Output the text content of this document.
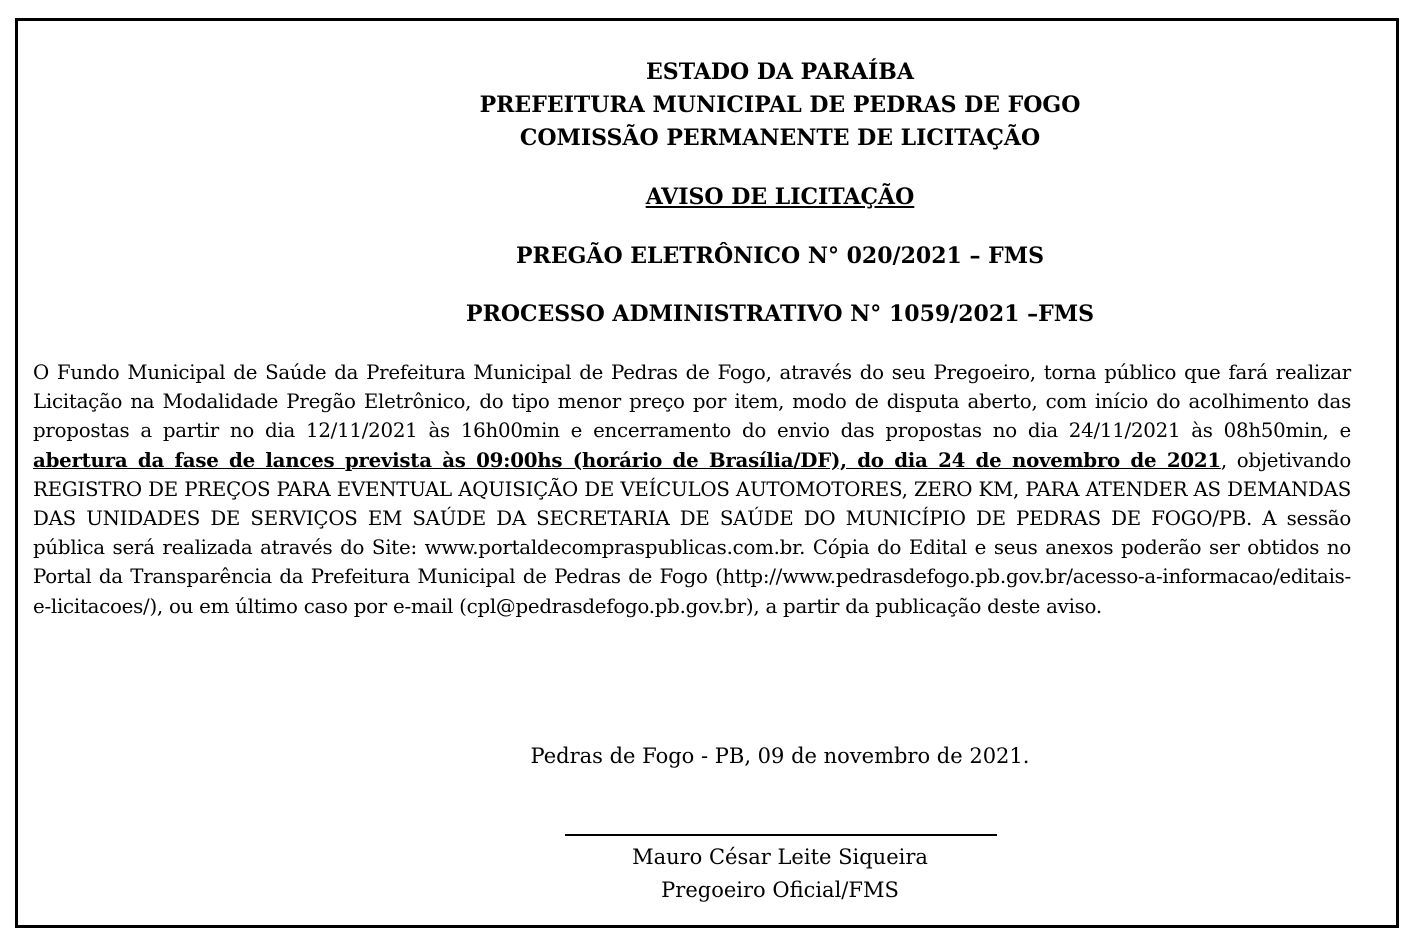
ESTADO DA PARAÍBA
PREFEITURA MUNICIPAL DE PEDRAS DE FOGO
COMISSÃO PERMANENTE DE LICITAÇÃO
AVISO DE LICITAÇÃO
PREGÃO ELETRÔNICO N° 020/2021 – FMS
PROCESSO ADMINISTRATIVO N° 1059/2021 –FMS
O Fundo Municipal de Saúde da Prefeitura Municipal de Pedras de Fogo, através do seu Pregoeiro, torna público que fará realizar Licitação na Modalidade Pregão Eletrônico, do tipo menor preço por item, modo de disputa aberto, com início do acolhimento das propostas a partir no dia 12/11/2021 às 16h00min e encerramento do envio das propostas no dia 24/11/2021 às 08h50min, e abertura da fase de lances prevista às 09:00hs (horário de Brasília/DF), do dia 24 de novembro de 2021, objetivando REGISTRO DE PREÇOS PARA EVENTUAL AQUISIÇÃO DE VEÍCULOS AUTOMOTORES, ZERO KM, PARA ATENDER AS DEMANDAS DAS UNIDADES DE SERVIÇOS EM SAÚDE DA SECRETARIA DE SAÚDE DO MUNICÍPIO DE PEDRAS DE FOGO/PB. A sessão pública será realizada através do Site: www.portaldecompraspublicas.com.br. Cópia do Edital e seus anexos poderão ser obtidos no Portal da Transparência da Prefeitura Municipal de Pedras de Fogo (http://www.pedrasdefogo.pb.gov.br/acesso-a-informacao/editais-e-licitacoes/), ou em último caso por e-mail (cpl@pedrasdefogo.pb.gov.br), a partir da publicação deste aviso.
Pedras de Fogo - PB, 09 de novembro de 2021.
Mauro César Leite Siqueira
Pregoeiro Oficial/FMS
